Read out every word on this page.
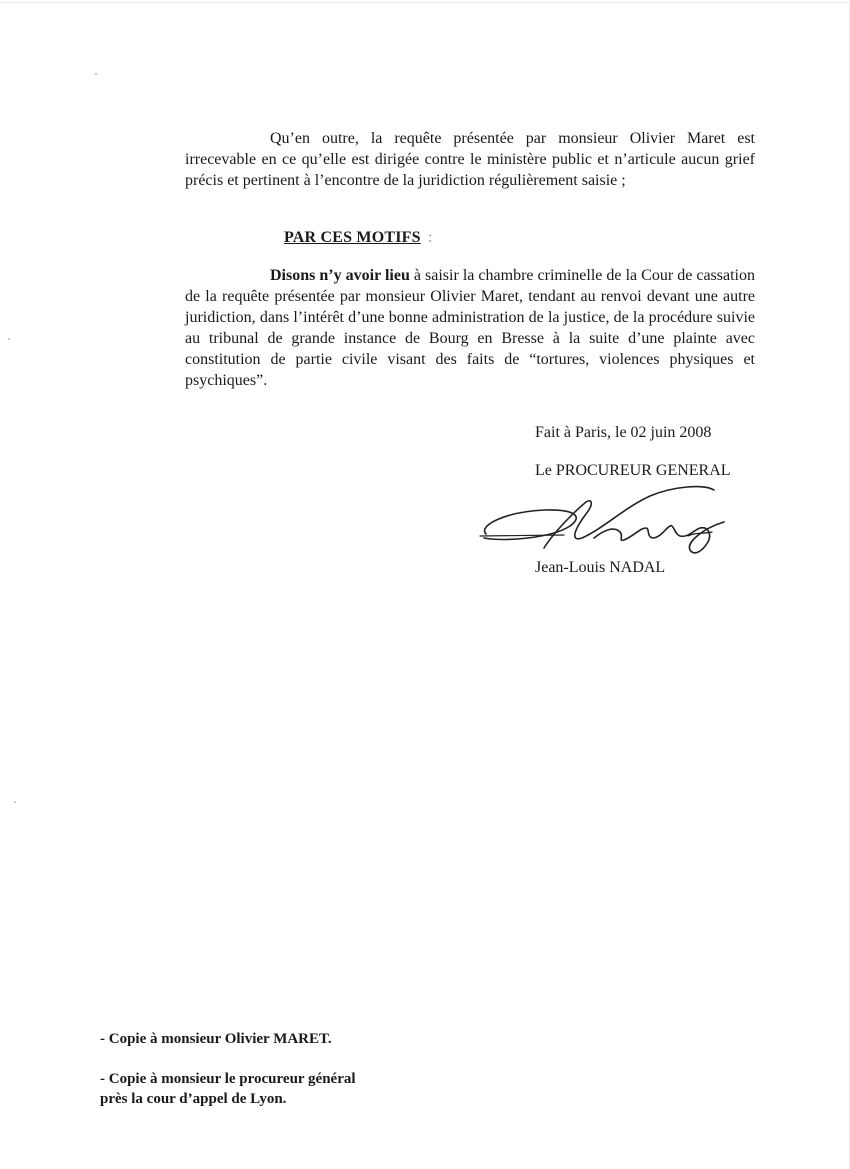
Qu’en outre, la requête présentée par monsieur Olivier Maret est irrecevable en ce qu’elle est dirigée contre le ministère public et n’articule aucun grief précis et pertinent à l’encontre de la juridiction régulièrement saisie ;

PAR CES MOTIFS :

Disons n’y avoir lieu à saisir la chambre criminelle de la Cour de cassation de la requête présentée par monsieur Olivier Maret, tendant au renvoi devant une autre juridiction, dans l’intérêt d’une bonne administration de la justice, de la procédure suivie au tribunal de grande instance de Bourg en Bresse à la suite d’une plainte avec constitution de partie civile visant des faits de “tortures, violences physiques et psychiques”.

Fait à Paris, le 02 juin 2008
Le PROCUREUR GENERAL
Jean-Louis NADAL
- Copie à monsieur Olivier MARET.
- Copie à monsieur le procureur général
près la cour d’appel de Lyon.
